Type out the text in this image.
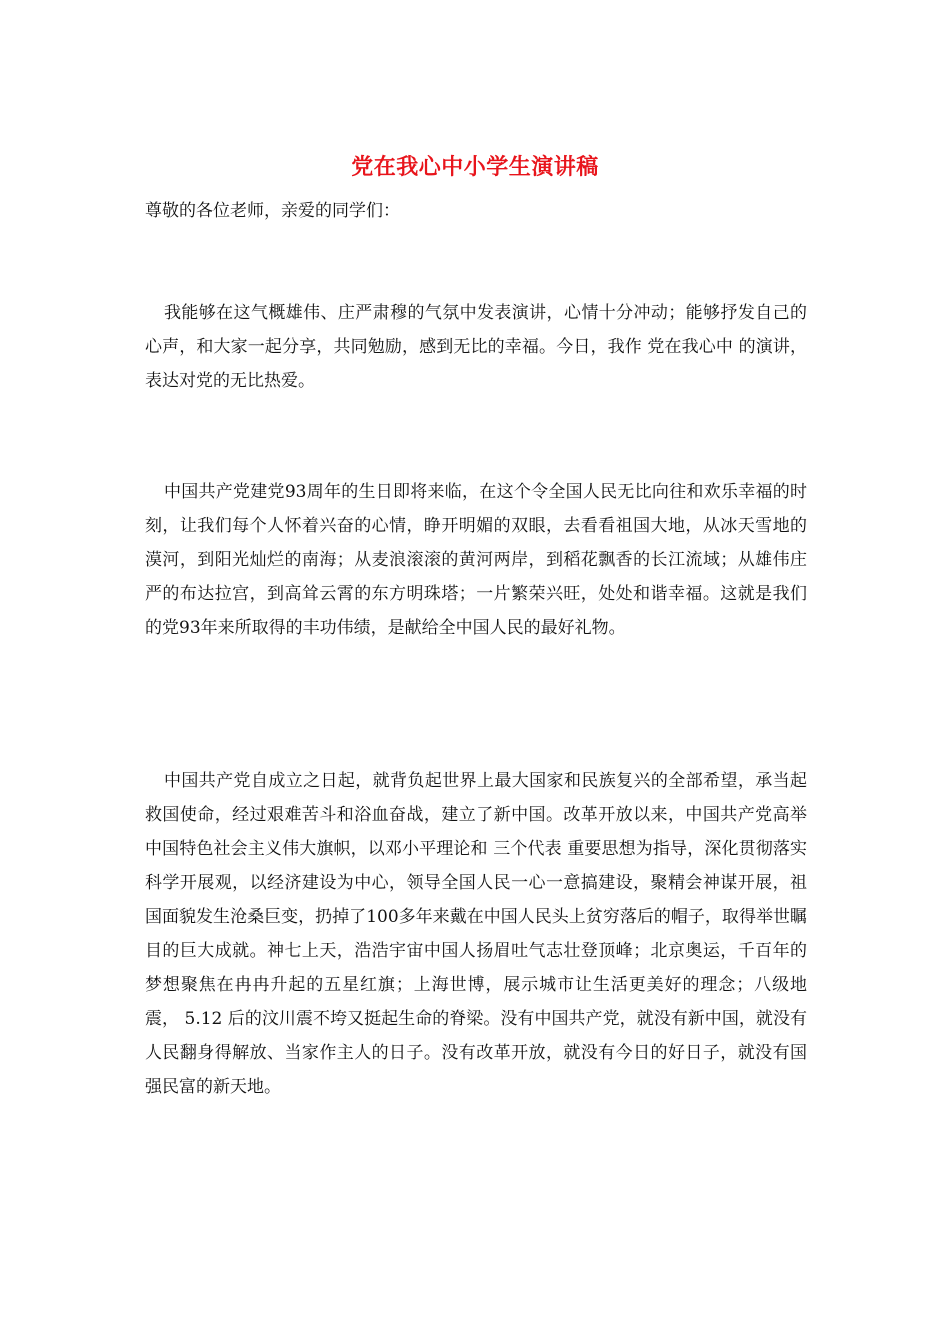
党在我心中小学生演讲稿

尊敬的各位老师，亲爱的同学们：

我能够在这气概雄伟、庄严肃穆的气氛中发表演讲，心情十分冲动；能够抒发自己的心声，和大家一起分享，共同勉励，感到无比的幸福。今日，我作 党在我心中 的演讲，表达对党的无比热爱。

中国共产党建党93周年的生日即将来临，在这个令全国人民无比向往和欢乐幸福的时刻，让我们每个人怀着兴奋的心情，睁开明媚的双眼，去看看祖国大地，从冰天雪地的漠河，到阳光灿烂的南海；从麦浪滚滚的黄河两岸，到稻花飘香的长江流域；从雄伟庄严的布达拉宫，到高耸云霄的东方明珠塔；一片繁荣兴旺，处处和谐幸福。这就是我们的党93年来所取得的丰功伟绩，是献给全中国人民的最好礼物。

中国共产党自成立之日起，就背负起世界上最大国家和民族复兴的全部希望，承当起救国使命，经过艰难苦斗和浴血奋战，建立了新中国。改革开放以来，中国共产党高举中国特色社会主义伟大旗帜，以邓小平理论和 三个代表 重要思想为指导，深化贯彻落实科学开展观，以经济建设为中心，领导全国人民一心一意搞建设，聚精会神谋开展，祖国面貌发生沧桑巨变，扔掉了100多年来戴在中国人民头上贫穷落后的帽子，取得举世瞩目的巨大成就。神七上天，浩浩宇宙中国人扬眉吐气志壮登顶峰；北京奥运，千百年的梦想聚焦在冉冉升起的五星红旗；上海世博，展示城市让生活更美好的理念；八级地震， 5.12 后的汶川震不垮又挺起生命的脊梁。没有中国共产党，就没有新中国，就没有人民翻身得解放、当家作主人的日子。没有改革开放，就没有今日的好日子，就没有国强民富的新天地。
